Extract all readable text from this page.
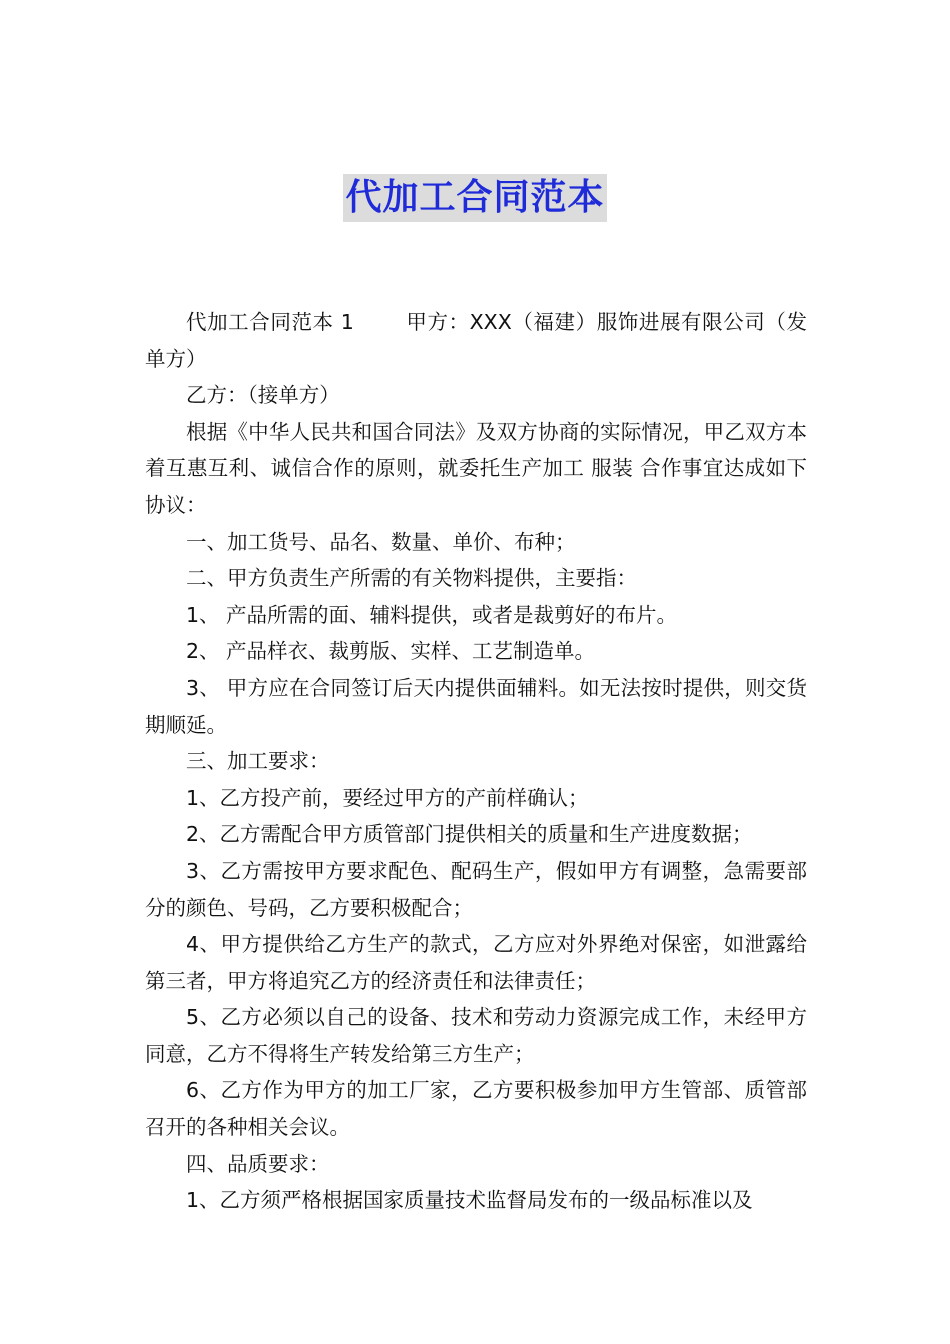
代加工合同范本

代加工合同范本 1	甲方：XXX（福建）服饰进展有限公司（发单方）

乙方：（接单方）

根据《中华人民共和国合同法》及双方协商的实际情况，甲乙双方本着互惠互利、诚信合作的原则，就委托生产加工 服装 合作事宜达成如下协议：

一、加工货号、品名、数量、单价、布种；

二、甲方负责生产所需的有关物料提供，主要指：

1、 产品所需的面、辅料提供，或者是裁剪好的布片。

2、 产品样衣、裁剪版、实样、工艺制造单。

3、 甲方应在合同签订后天内提供面辅料。如无法按时提供，则交货期顺延。

三、加工要求：

1、乙方投产前，要经过甲方的产前样确认；

2、乙方需配合甲方质管部门提供相关的质量和生产进度数据；

3、乙方需按甲方要求配色、配码生产，假如甲方有调整，急需要部分的颜色、号码，乙方要积极配合；

4、甲方提供给乙方生产的款式，乙方应对外界绝对保密，如泄露给第三者，甲方将追究乙方的经济责任和法律责任；

5、乙方必须以自己的设备、技术和劳动力资源完成工作，未经甲方同意，乙方不得将生产转发给第三方生产；

6、乙方作为甲方的加工厂家，乙方要积极参加甲方生管部、质管部召开的各种相关会议。

四、品质要求：

1、乙方须严格根据国家质量技术监督局发布的一级品标准以及
